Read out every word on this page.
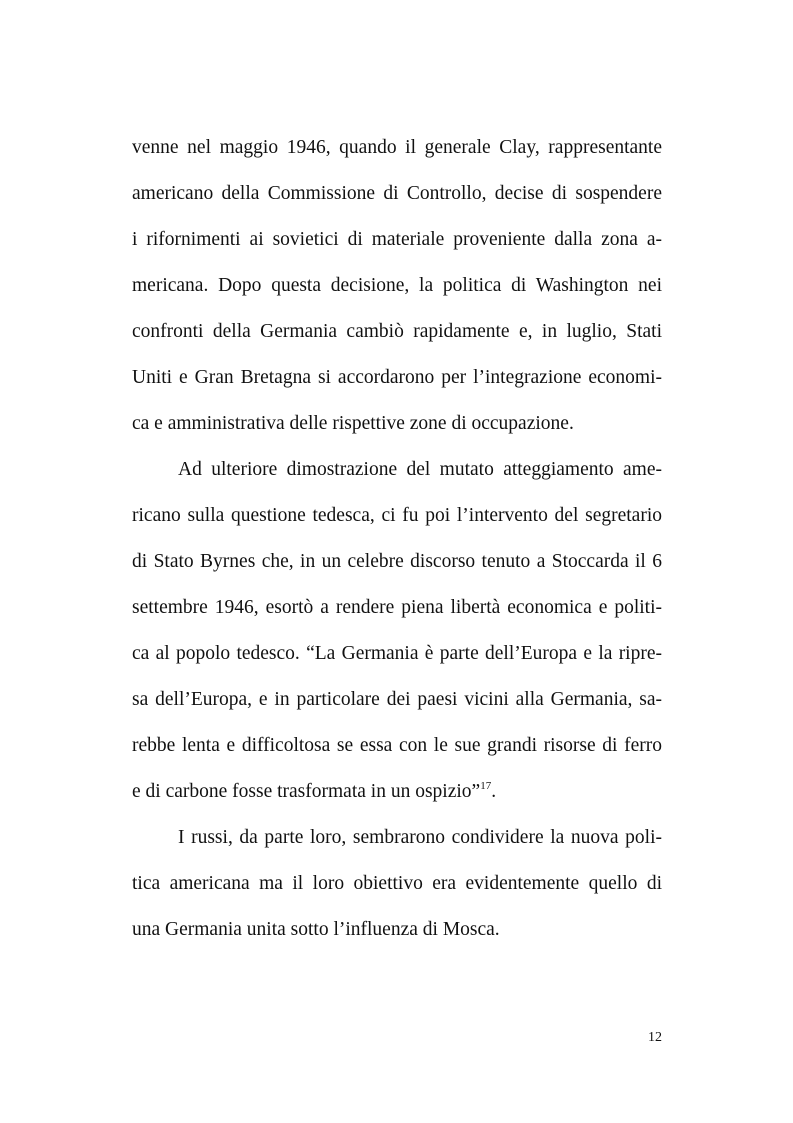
venne nel maggio 1946, quando il generale Clay, rappresentante
americano della Commissione di Controllo, decise di sospendere
i rifornimenti ai sovietici di materiale proveniente dalla zona a-
mericana. Dopo questa decisione, la politica di Washington nei
confronti della Germania cambiò rapidamente e, in luglio, Stati
Uniti e Gran Bretagna si accordarono per l’integrazione economi-
ca e amministrativa delle rispettive zone di occupazione.
Ad ulteriore dimostrazione del mutato atteggiamento ame-
ricano sulla questione tedesca, ci fu poi l’intervento del segretario
di Stato Byrnes che, in un celebre discorso tenuto a Stoccarda il 6
settembre 1946, esortò a rendere piena libertà economica e politi-
ca al popolo tedesco. “La Germania è parte dell’Europa e la ripre-
sa dell’Europa, e in particolare dei paesi vicini alla Germania, sa-
rebbe lenta e difficoltosa se essa con le sue grandi risorse di ferro
e di carbone fosse trasformata in un ospizio”$^{17}$.
I russi, da parte loro, sembrarono condividere la nuova poli-
tica americana ma il loro obiettivo era evidentemente quello di
una Germania unita sotto l’influenza di Mosca.
12
